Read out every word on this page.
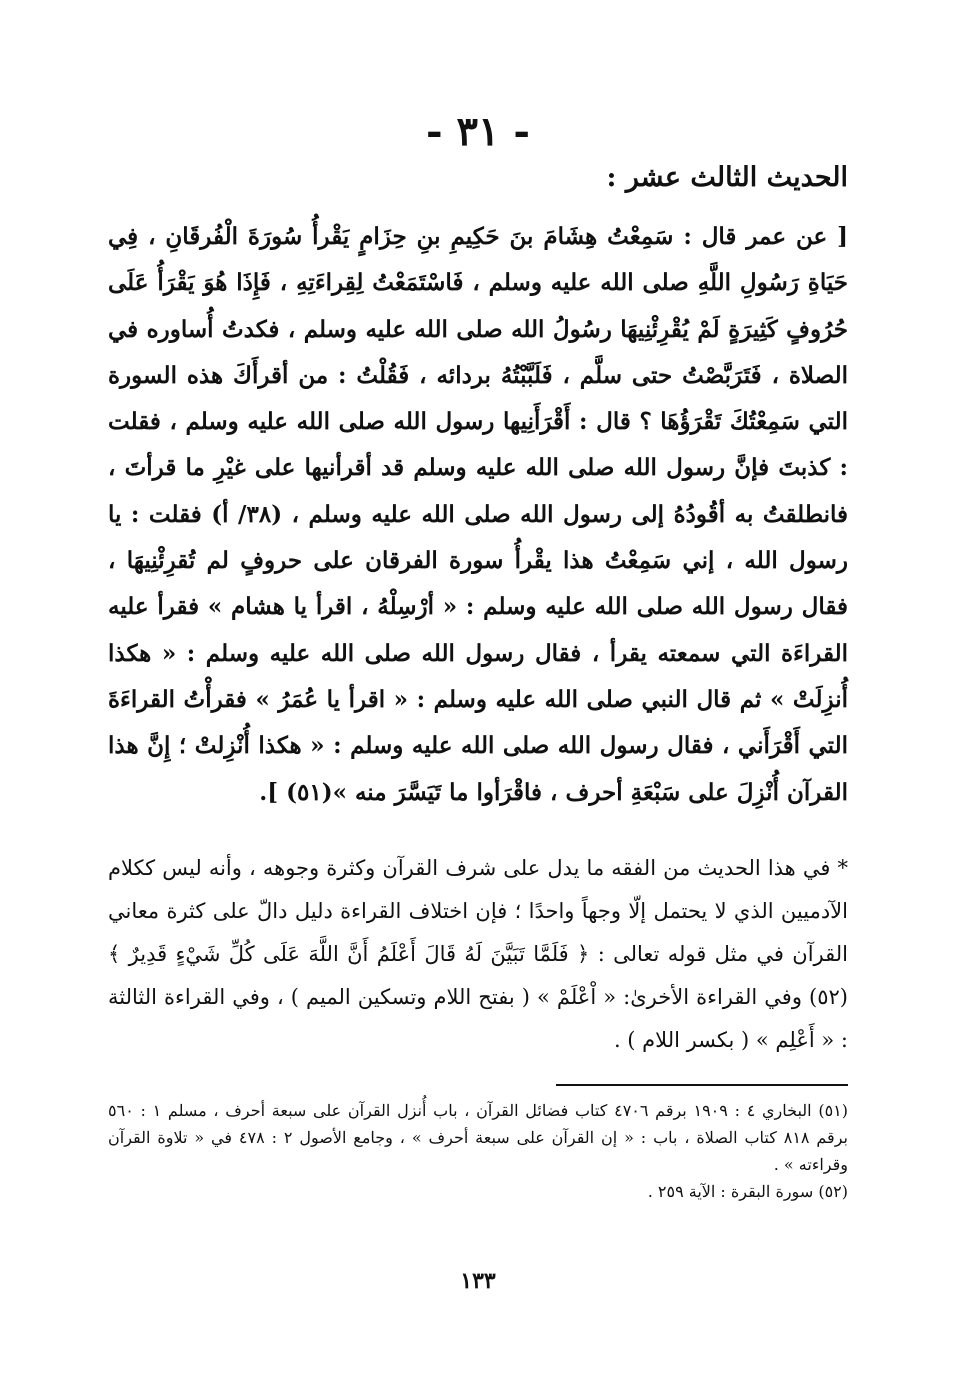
- ٣١ -
الحديث الثالث عشر :

[ عن عمر قال : سَمِعْتُ هِشَامَ بنَ حَكِيمِ بنِ حِزَامٍ يَقْرأُ سُورَةَ الْفُرقَانِ ، فِي حَيَاةِ رَسُولِ اللَّهِ صلى الله عليه وسلم ، فَاسْتَمَعْتُ لِقِراءَتِهِ ، فَإِذَا هُوَ يَقْرَأُ عَلَى حُرُوفٍ كَثِيرَةٍ لَمْ يُقْرِئْنِيهَا رسُولُ الله صلى الله عليه وسلم ، فكدتُ أُساوره في الصلاة ، فَتَرَبَّصْتُ حتى سلَّم ، فَلَبَّبْتُهُ بردائه ، فَقُلْتُ : من أقرأَكَ هذه السورة التي سَمِعْتُكَ تَقْرَؤُهَا ؟ قال : أَقْرَأَنِيها رسول الله صلى الله عليه وسلم ، فقلت : كذبتَ فإنَّ رسول الله صلى الله عليه وسلم قد أقرأنيها على غيْرِ ما قرأتَ ، فانطلقتُ به أقُودُهُ إلى رسول الله صلى الله عليه وسلم ، (٣٨/ أ) فقلت : يا رسول الله ، إني سَمِعْتُ هذا يقْرأُ سورة الفرقان على حروفٍ لم تُقرِئْنِيهَا ، فقال رسول الله صلى الله عليه وسلم : « أرْسِلْهُ ، اقرأ يا هشام » فقرأ عليه القراءَة التي سمعته يقرأ ، فقال رسول الله صلى الله عليه وسلم : « هكذا أُنزِلَتْ » ثم قال النبي صلى الله عليه وسلم : « اقرأ يا عُمَرُ » فقرأْتُ القراءَةَ التي أَقْرَأَني ، فقال رسول الله صلى الله عليه وسلم : « هكذا أُنْزِلتْ ؛ إِنَّ هذا القرآن أُنْزِلَ على سَبْعَةِ أحرف ، فاقْرَأوا ما تَيَسَّرَ منه »(٥١) ].

* في هذا الحديث من الفقه ما يدل على شرف القرآن وكثرة وجوهه ، وأنه ليس ككلام الآدميين الذي لا يحتمل إلّا وجهاً واحدًا ؛ فإن اختلاف القراءة دليل دالّ على كثرة معاني القرآن في مثل قوله تعالى : ﴿ فَلَمَّا تَبَيَّنَ لَهُ قَالَ أَعْلَمُ أَنَّ اللَّهَ عَلَى كُلِّ شَيْءٍ قَدِيرٌ ﴾(٥٢) وفي القراءة الأخرىٰ: « اْعْلَمْ » ( بفتح اللام وتسكين الميم ) ، وفي القراءة الثالثة : « أَعْلِم » ( بكسر اللام ) .

(٥١) البخاري ٤ : ١٩٠٩ برقم ٤٧٠٦ كتاب فضائل القرآن ، باب أُنزل القرآن على سبعة أحرف ، مسلم ١ : ٥٦٠ برقم ٨١٨ كتاب الصلاة ، باب : « إن القرآن على سبعة أحرف » ، وجامع الأصول ٢ : ٤٧٨ في « تلاوة القرآن وقراءته » .

(٥٢) سورة البقرة : الآية ٢٥٩ .

١٣٣
